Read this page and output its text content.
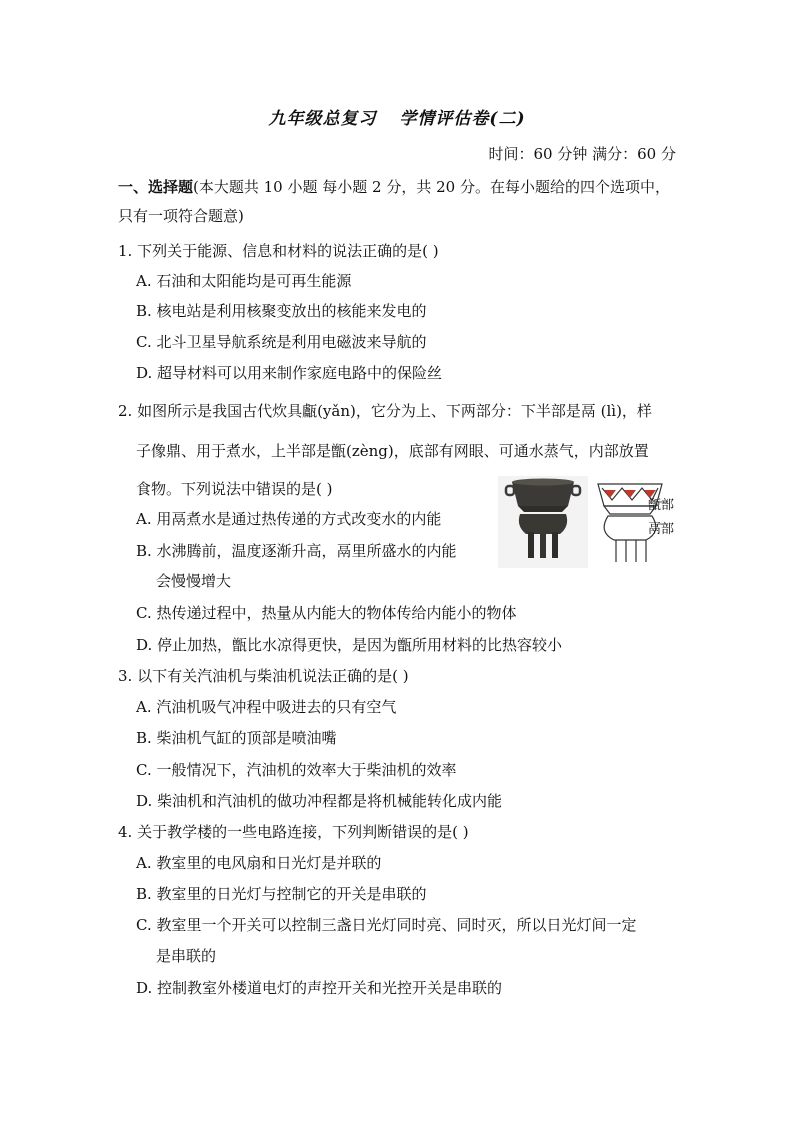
九年级总复习 学情评估卷(二)
时间：60 分钟 满分：60 分
一、选择题(本大题共 10 小题 每小题 2 分，共 20 分。在每小题给的四个选项中，
只有一项符合题意)
1. 下列关于能源、信息和材料的说法正确的是( )
A. 石油和太阳能均是可再生能源
B. 核电站是利用核聚变放出的核能来发电的
C. 北斗卫星导航系统是利用电磁波来导航的
D. 超导材料可以用来制作家庭电路中的保险丝
2. 如图所示是我国古代炊具甗(yǎn)，它分为上、下两部分：下半部是鬲 (lì)，样
子像鼎、用于煮水，上半部是甑(zèng)，底部有网眼、可通水蒸气，内部放置
食物。下列说法中错误的是( )
A. 用鬲煮水是通过热传递的方式改变水的内能
B. 水沸腾前，温度逐渐升高，鬲里所盛水的内能
会慢慢增大
C. 热传递过程中，热量从内能大的物体传给内能小的物体
D. 停止加热，甑比水凉得更快，是因为甑所用材料的比热容较小
甑部
鬲部
3. 以下有关汽油机与柴油机说法正确的是( )
A. 汽油机吸气冲程中吸进去的只有空气
B. 柴油机气缸的顶部是喷油嘴
C. 一般情况下，汽油机的效率大于柴油机的效率
D. 柴油机和汽油机的做功冲程都是将机械能转化成内能
4. 关于教学楼的一些电路连接，下列判断错误的是( )
A. 教室里的电风扇和日光灯是并联的
B. 教室里的日光灯与控制它的开关是串联的
C. 教室里一个开关可以控制三盏日光灯同时亮、同时灭，所以日光灯间一定
是串联的
D. 控制教室外楼道电灯的声控开关和光控开关是串联的
